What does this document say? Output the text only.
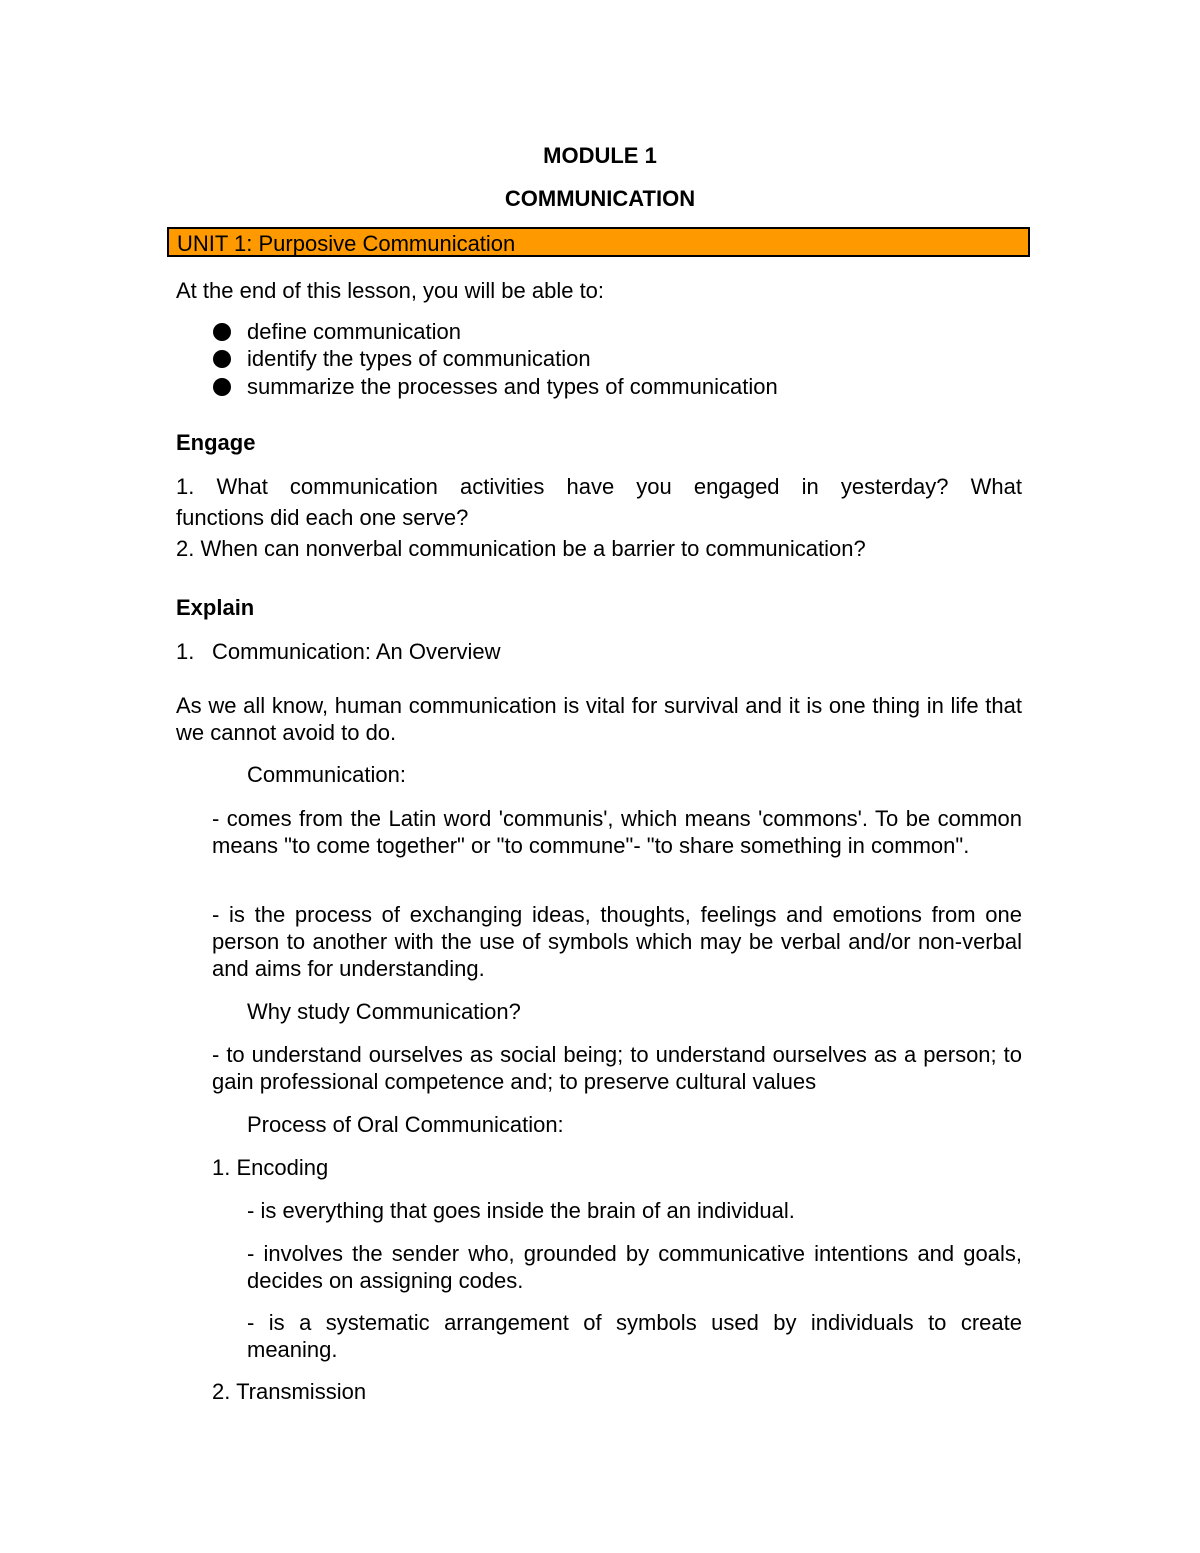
MODULE 1

COMMUNICATION

UNIT 1: Purposive Communication

At the end of this lesson, you will be able to:

define communication

identify the types of communication

summarize the processes and types of communication

Engage

1. What communication activities have you engaged in yesterday? What

functions did each one serve?

2. When can nonverbal communication be a barrier to communication?

Explain

1. Communication: An Overview

As we all know, human communication is vital for survival and it is one thing in life that we cannot avoid to do.

Communication:

- comes from the Latin word 'communis', which means 'commons'. To be common means "to come together" or "to commune"- "to share something in common".

- is the process of exchanging ideas, thoughts, feelings and emotions from one person to another with the use of symbols which may be verbal and/or non-verbal and aims for understanding.

Why study Communication?

- to understand ourselves as social being; to understand ourselves as a person; to gain professional competence and; to preserve cultural values

Process of Oral Communication:

1. Encoding

- is everything that goes inside the brain of an individual.

- involves the sender who, grounded by communicative intentions and goals, decides on assigning codes.

- is a systematic arrangement of symbols used by individuals to create meaning.

2. Transmission
